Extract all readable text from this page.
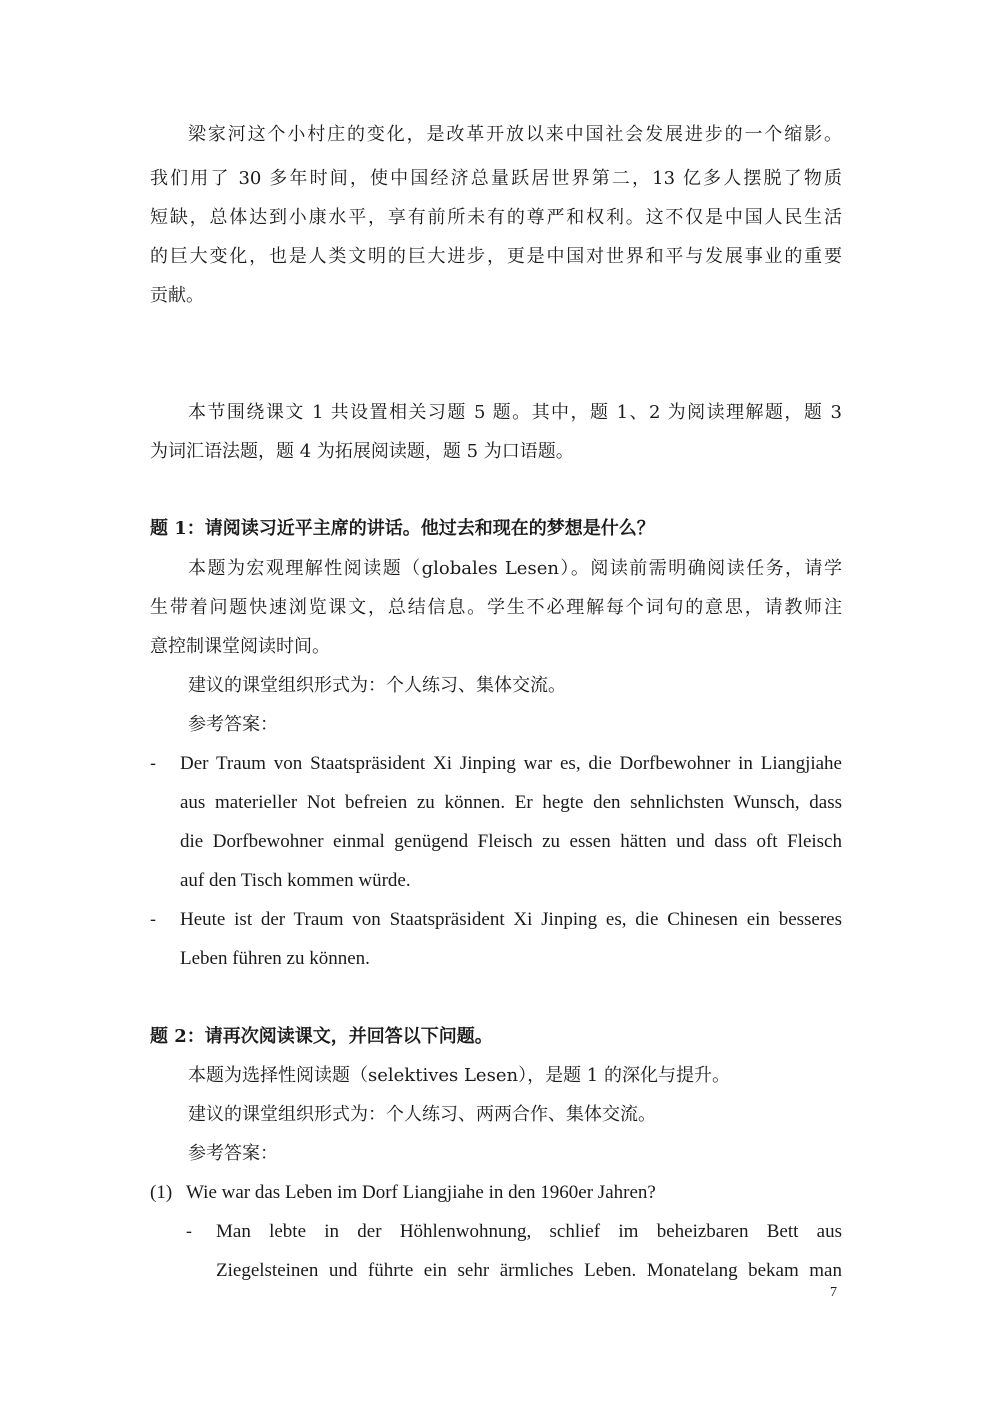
梁家河这个小村庄的变化，是改革开放以来中国社会发展进步的一个缩影。
我们用了 30 多年时间，使中国经济总量跃居世界第二，13 亿多人摆脱了物质
短缺，总体达到小康水平，享有前所未有的尊严和权利。这不仅是中国人民生活
的巨大变化，也是人类文明的巨大进步，更是中国对世界和平与发展事业的重要
贡献。
本节围绕课文 1 共设置相关习题 5 题。其中，题 1、2 为阅读理解题，题 3
为词汇语法题，题 4 为拓展阅读题，题 5 为口语题。
题 1：请阅读习近平主席的讲话。他过去和现在的梦想是什么？
本题为宏观理解性阅读题（globales Lesen）。阅读前需明确阅读任务，请学
生带着问题快速浏览课文，总结信息。学生不必理解每个词句的意思，请教师注
意控制课堂阅读时间。
建议的课堂组织形式为：个人练习、集体交流。
参考答案：
- Der Traum von Staatspräsident Xi Jinping war es, die Dorfbewohner in Liangjiahe
aus materieller Not befreien zu können. Er hegte den sehnlichsten Wunsch, dass
die Dorfbewohner einmal genügend Fleisch zu essen hätten und dass oft Fleisch
auf den Tisch kommen würde.
- Heute ist der Traum von Staatspräsident Xi Jinping es, die Chinesen ein besseres
Leben führen zu können.
题 2：请再次阅读课文，并回答以下问题。
本题为选择性阅读题（selektives Lesen），是题 1 的深化与提升。
建议的课堂组织形式为：个人练习、两两合作、集体交流。
参考答案：
(1) Wie war das Leben im Dorf Liangjiahe in den 1960er Jahren?
- Man lebte in der Höhlenwohnung, schlief im beheizbaren Bett aus
Ziegelsteinen und führte ein sehr ärmliches Leben. Monatelang bekam man
7
